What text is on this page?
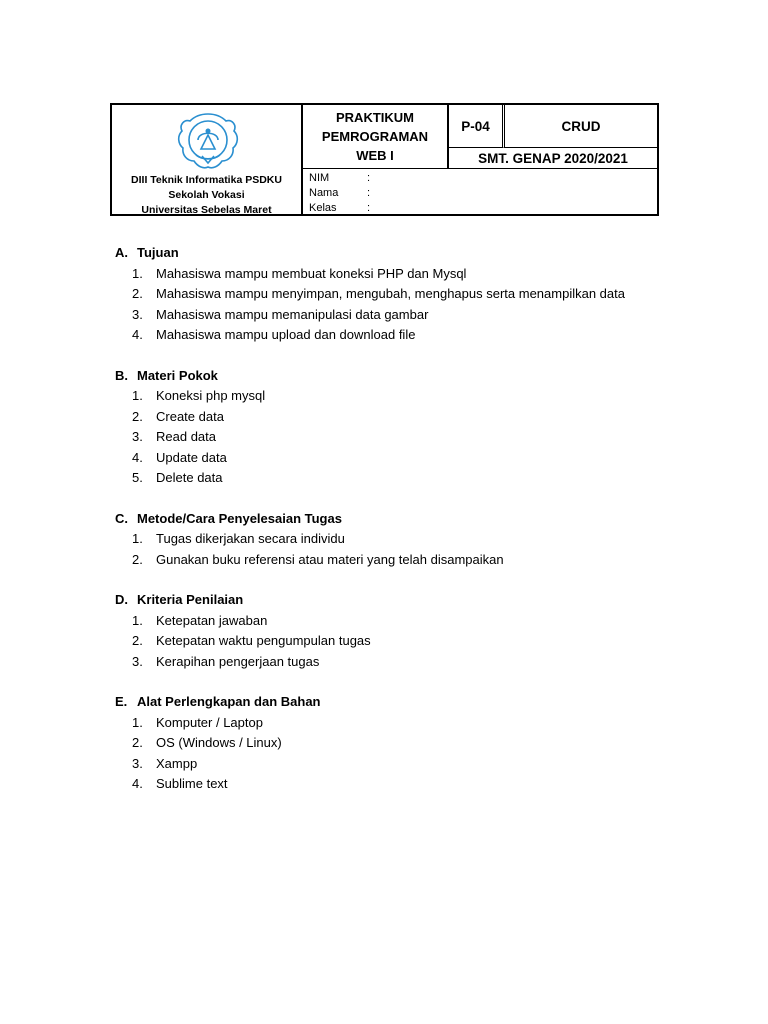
DIII Teknik Informatika PSDKU
Sekolah Vokasi
Universitas Sebelas Maret
PRAKTIKUM
PEMROGRAMAN
WEB I
P-04	CRUD
SMT. GENAP 2020/2021
NIM	:
Nama	:
Kelas	:
A. Tujuan
1. Mahasiswa mampu membuat koneksi PHP dan Mysql
2. Mahasiswa mampu menyimpan, mengubah, menghapus serta menampilkan data
3. Mahasiswa mampu memanipulasi data gambar
4. Mahasiswa mampu upload dan download file
B. Materi Pokok
1. Koneksi php mysql
2. Create data
3. Read data
4. Update data
5. Delete data
C. Metode/Cara Penyelesaian Tugas
1. Tugas dikerjakan secara individu
2. Gunakan buku referensi atau materi yang telah disampaikan
D. Kriteria Penilaian
1. Ketepatan jawaban
2. Ketepatan waktu pengumpulan tugas
3. Kerapihan pengerjaan tugas
E. Alat Perlengkapan dan Bahan
1. Komputer / Laptop
2. OS (Windows / Linux)
3. Xampp
4. Sublime text
